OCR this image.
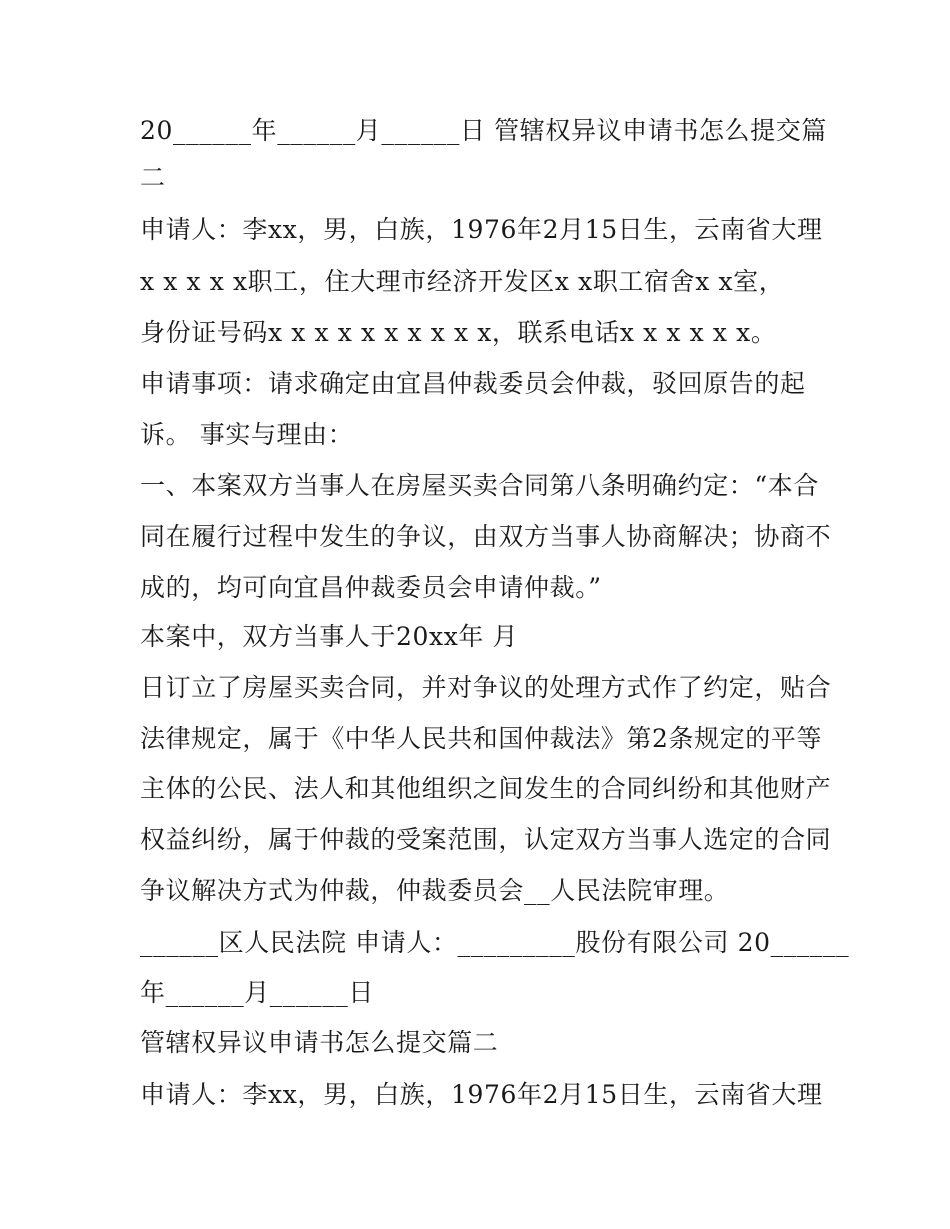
20______年______月______日 管辖权异议申请书怎么提交篇
二
申请人：李xx，男，白族，1976年2月15日生，云南省大理
x x x x x职工，住大理市经济开发区x x职工宿舍x x室，
身份证号码x x x x x x x x x x，联系电话x x x x x x。
申请事项：请求确定由宜昌仲裁委员会仲裁，驳回原告的起
诉。 事实与理由：
一、本案双方当事人在房屋买卖合同第八条明确约定：“本合
同在履行过程中发生的争议，由双方当事人协商解决；协商不
成的，均可向宜昌仲裁委员会申请仲裁。”
本案中，双方当事人于20xx年 月
日订立了房屋买卖合同，并对争议的处理方式作了约定，贴合
法律规定，属于《中华人民共和国仲裁法》第2条规定的平等
主体的公民、法人和其他组织之间发生的合同纠纷和其他财产
权益纠纷，属于仲裁的受案范围，认定双方当事人选定的合同
争议解决方式为仲裁，仲裁委员会__人民法院审理。
______区人民法院 申请人：_________股份有限公司 20______
年______月______日
管辖权异议申请书怎么提交篇二
申请人：李xx，男，白族，1976年2月15日生，云南省大理
